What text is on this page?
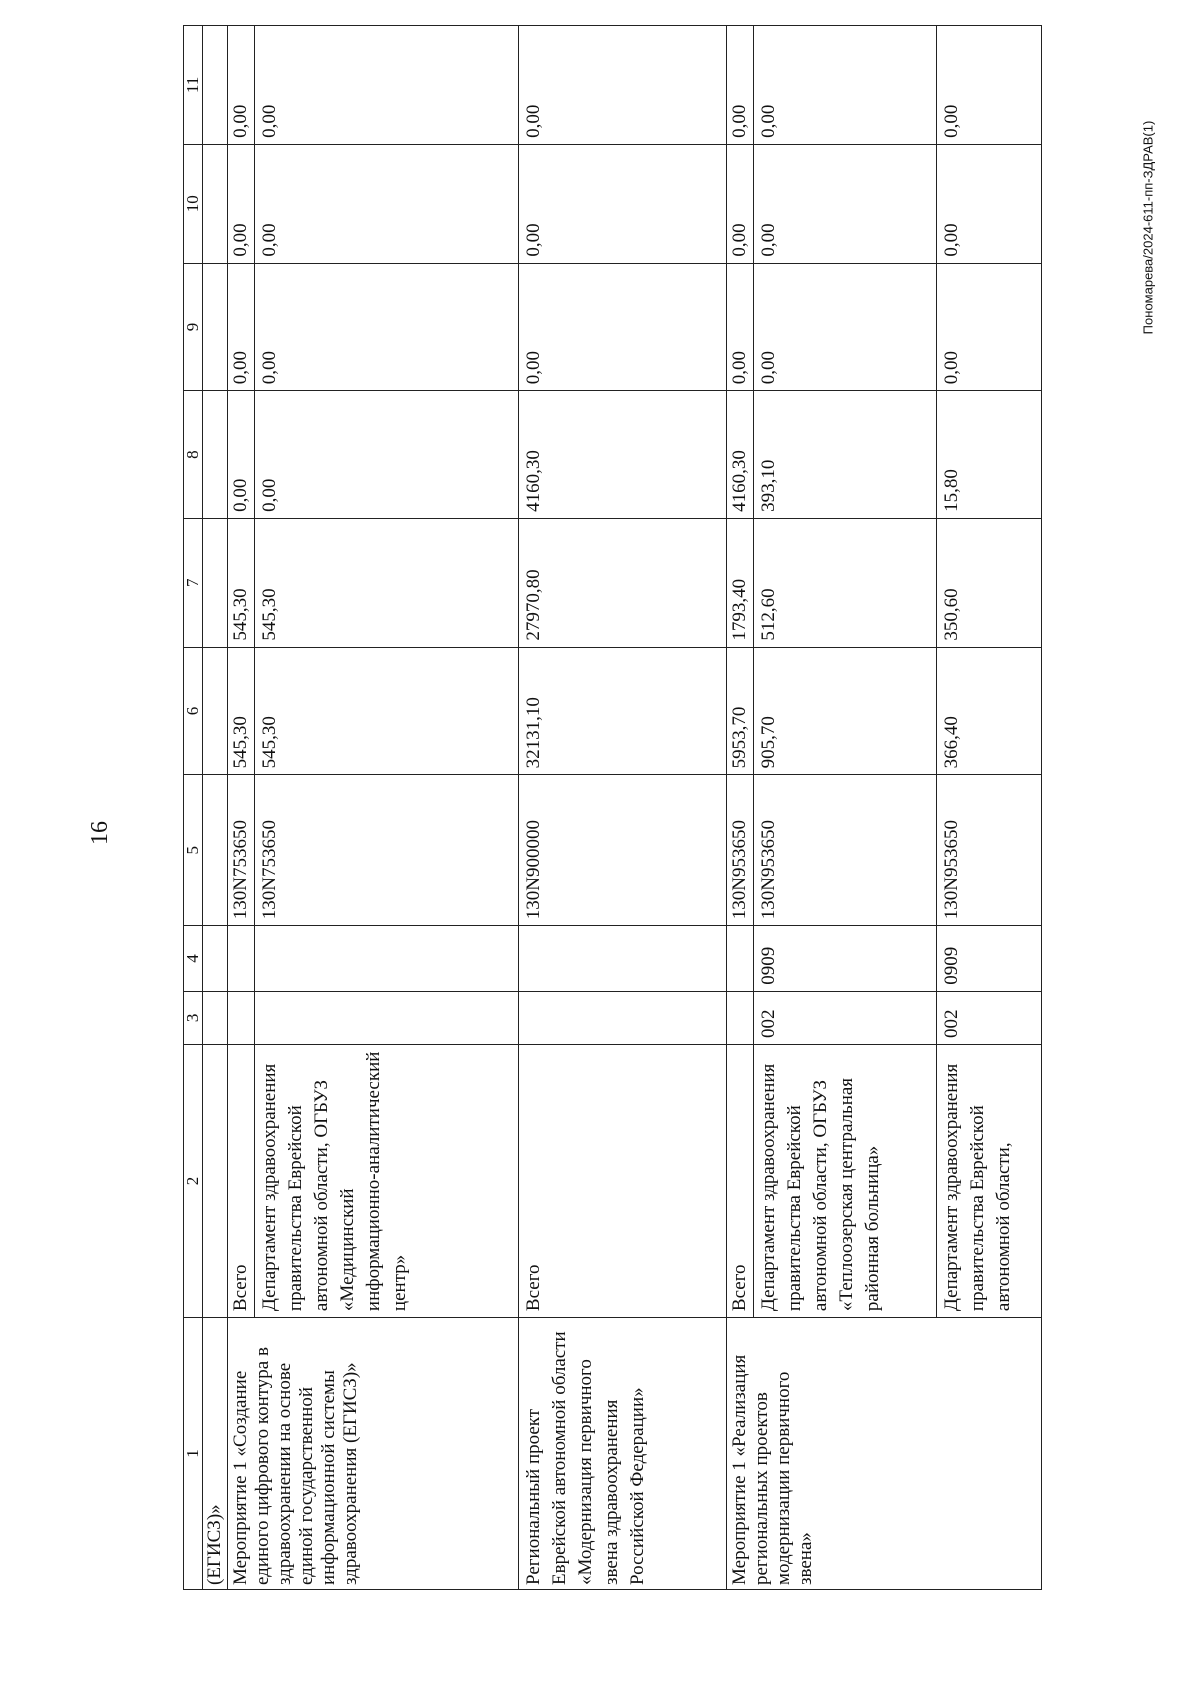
16
Пономарева/2024-611-пп-ЗДРАВ(1)
1	2	3	4	5	6	7	8	9	10	11
(ЕГИСЗ)»										
Мероприятие 1 «Создание единого цифрового контура в здравоохранении на основе единой государственной информационной системы здравоохранения (ЕГИСЗ)»	Всего			130N753650	545,30	545,30	0,00	0,00	0,00	0,00
	Департамент здравоохранения правительства Еврейской автономной области, ОГБУЗ «Медицинский информационно-аналитический центр»			130N753650	545,30	545,30	0,00	0,00	0,00	0,00
Региональный проект Еврейской автономной области «Модернизация первичного звена здравоохранения Российской Федерации»	Всего			130N900000	32131,10	27970,80	4160,30	0,00	0,00	0,00
Мероприятие 1 «Реализация региональных проектов модернизации первичного звена»	Всего			130N953650	5953,70	1793,40	4160,30	0,00	0,00	0,00
	Департамент здравоохранения правительства Еврейской автономной области, ОГБУЗ «Теплоозерская центральная районная больница»	002	0909	130N953650	905,70	512,60	393,10	0,00	0,00	0,00
	Департамент здравоохранения правительства Еврейской автономной области,	002	0909	130N953650	366,40	350,60	15,80	0,00	0,00	0,00
